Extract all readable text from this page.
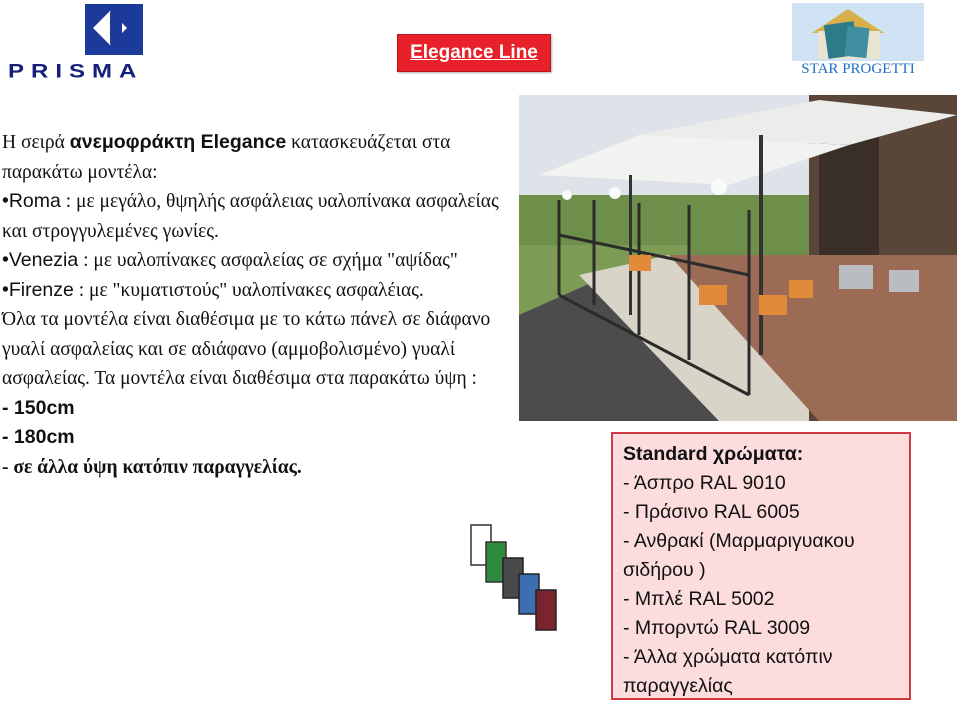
PRISMA
Elegance Line
STAR PROGETTI

Η σειρά ανεμοφράκτη Elegance κατασκευάζεται στα παρακάτω μοντέλα:

•Roma : με μεγάλο, θψηλής ασφάλειας υαλοπίνακα ασφαλείας και στρογγυλεμένες γωνίες.

•Venezia : με υαλοπίνακες ασφαλείας σε σχήμα "αψίδας"

•Firenze : με "κυματιστούς" υαλοπίνακες ασφαλέιας.

Όλα τα μοντέλα είναι διαθέσιμα με το κάτω πάνελ σε διάφανο γυαλί ασφαλείας και σε αδιάφανο (αμμοβολισμένο) γυαλί ασφαλείας. Τα μοντέλα είναι διαθέσιμα στα παρακάτω ύψη :

- 150cm

- 180cm

- σε άλλα ύψη κατόπιν παραγγελίας.

Standard χρώματα:
- Άσπρο RAL 9010
- Πράσινο RAL 6005
- Ανθρακί (Μαρμαριγυακου
σιδήρου )
- Μπλέ RAL 5002
- Μπορντώ RAL 3009
- Άλλα χρώματα κατόπιν
παραγγελίας
